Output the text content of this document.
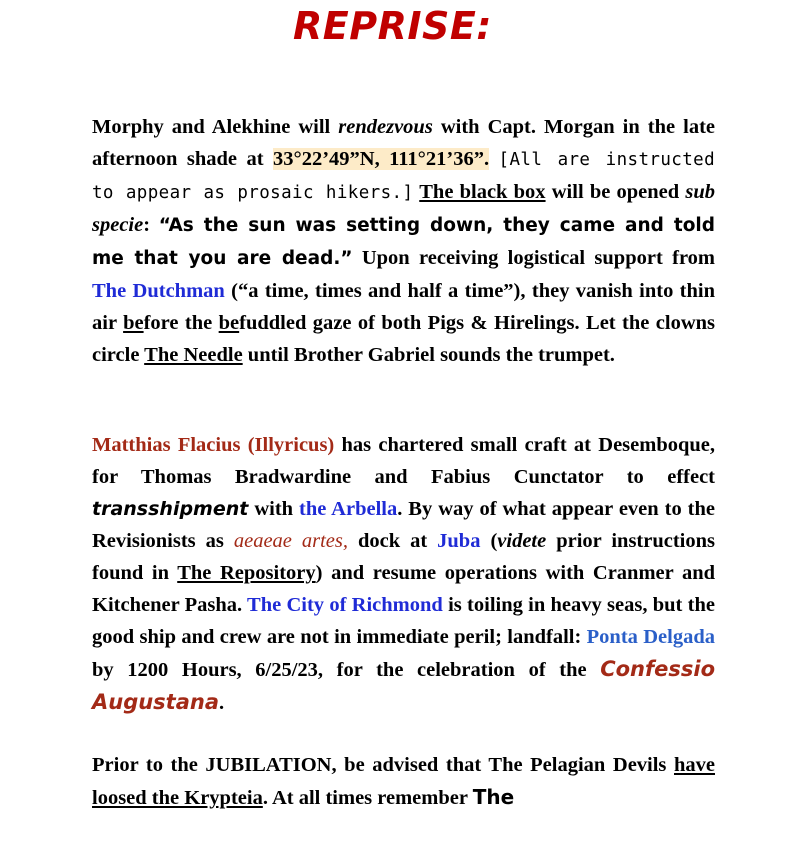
REPRISE:

Morphy and Alekhine will rendezvous with Capt. Morgan in the late afternoon shade at 33°22’49”N, 111°21’36”. [All are instructed to appear as prosaic hikers.] The black box will be opened sub specie: “As the sun was setting down, they came and told me that you are dead.” Upon receiving logistical support from The Dutchman (“a time, times and half a time”), they vanish into thin air before the befuddled gaze of both Pigs & Hirelings. Let the clowns circle The Needle until Brother Gabriel sounds the trumpet.

Matthias Flacius (Illyricus) has chartered small craft at Desemboque, for Thomas Bradwardine and Fabius Cunctator to effect transshipment with the Arbella. By way of what appear even to the Revisionists as aeaeae artes, dock at Juba (videte prior instructions found in The Repository) and resume operations with Cranmer and Kitchener Pasha. The City of Richmond is toiling in heavy seas, but the good ship and crew are not in immediate peril; landfall: Ponta Delgada by 1200 Hours, 6/25/23, for the celebration of the Confessio Augustana.

Prior to the JUBILATION, be advised that The Pelagian Devils have loosed the Krypteia. At all times remember The
